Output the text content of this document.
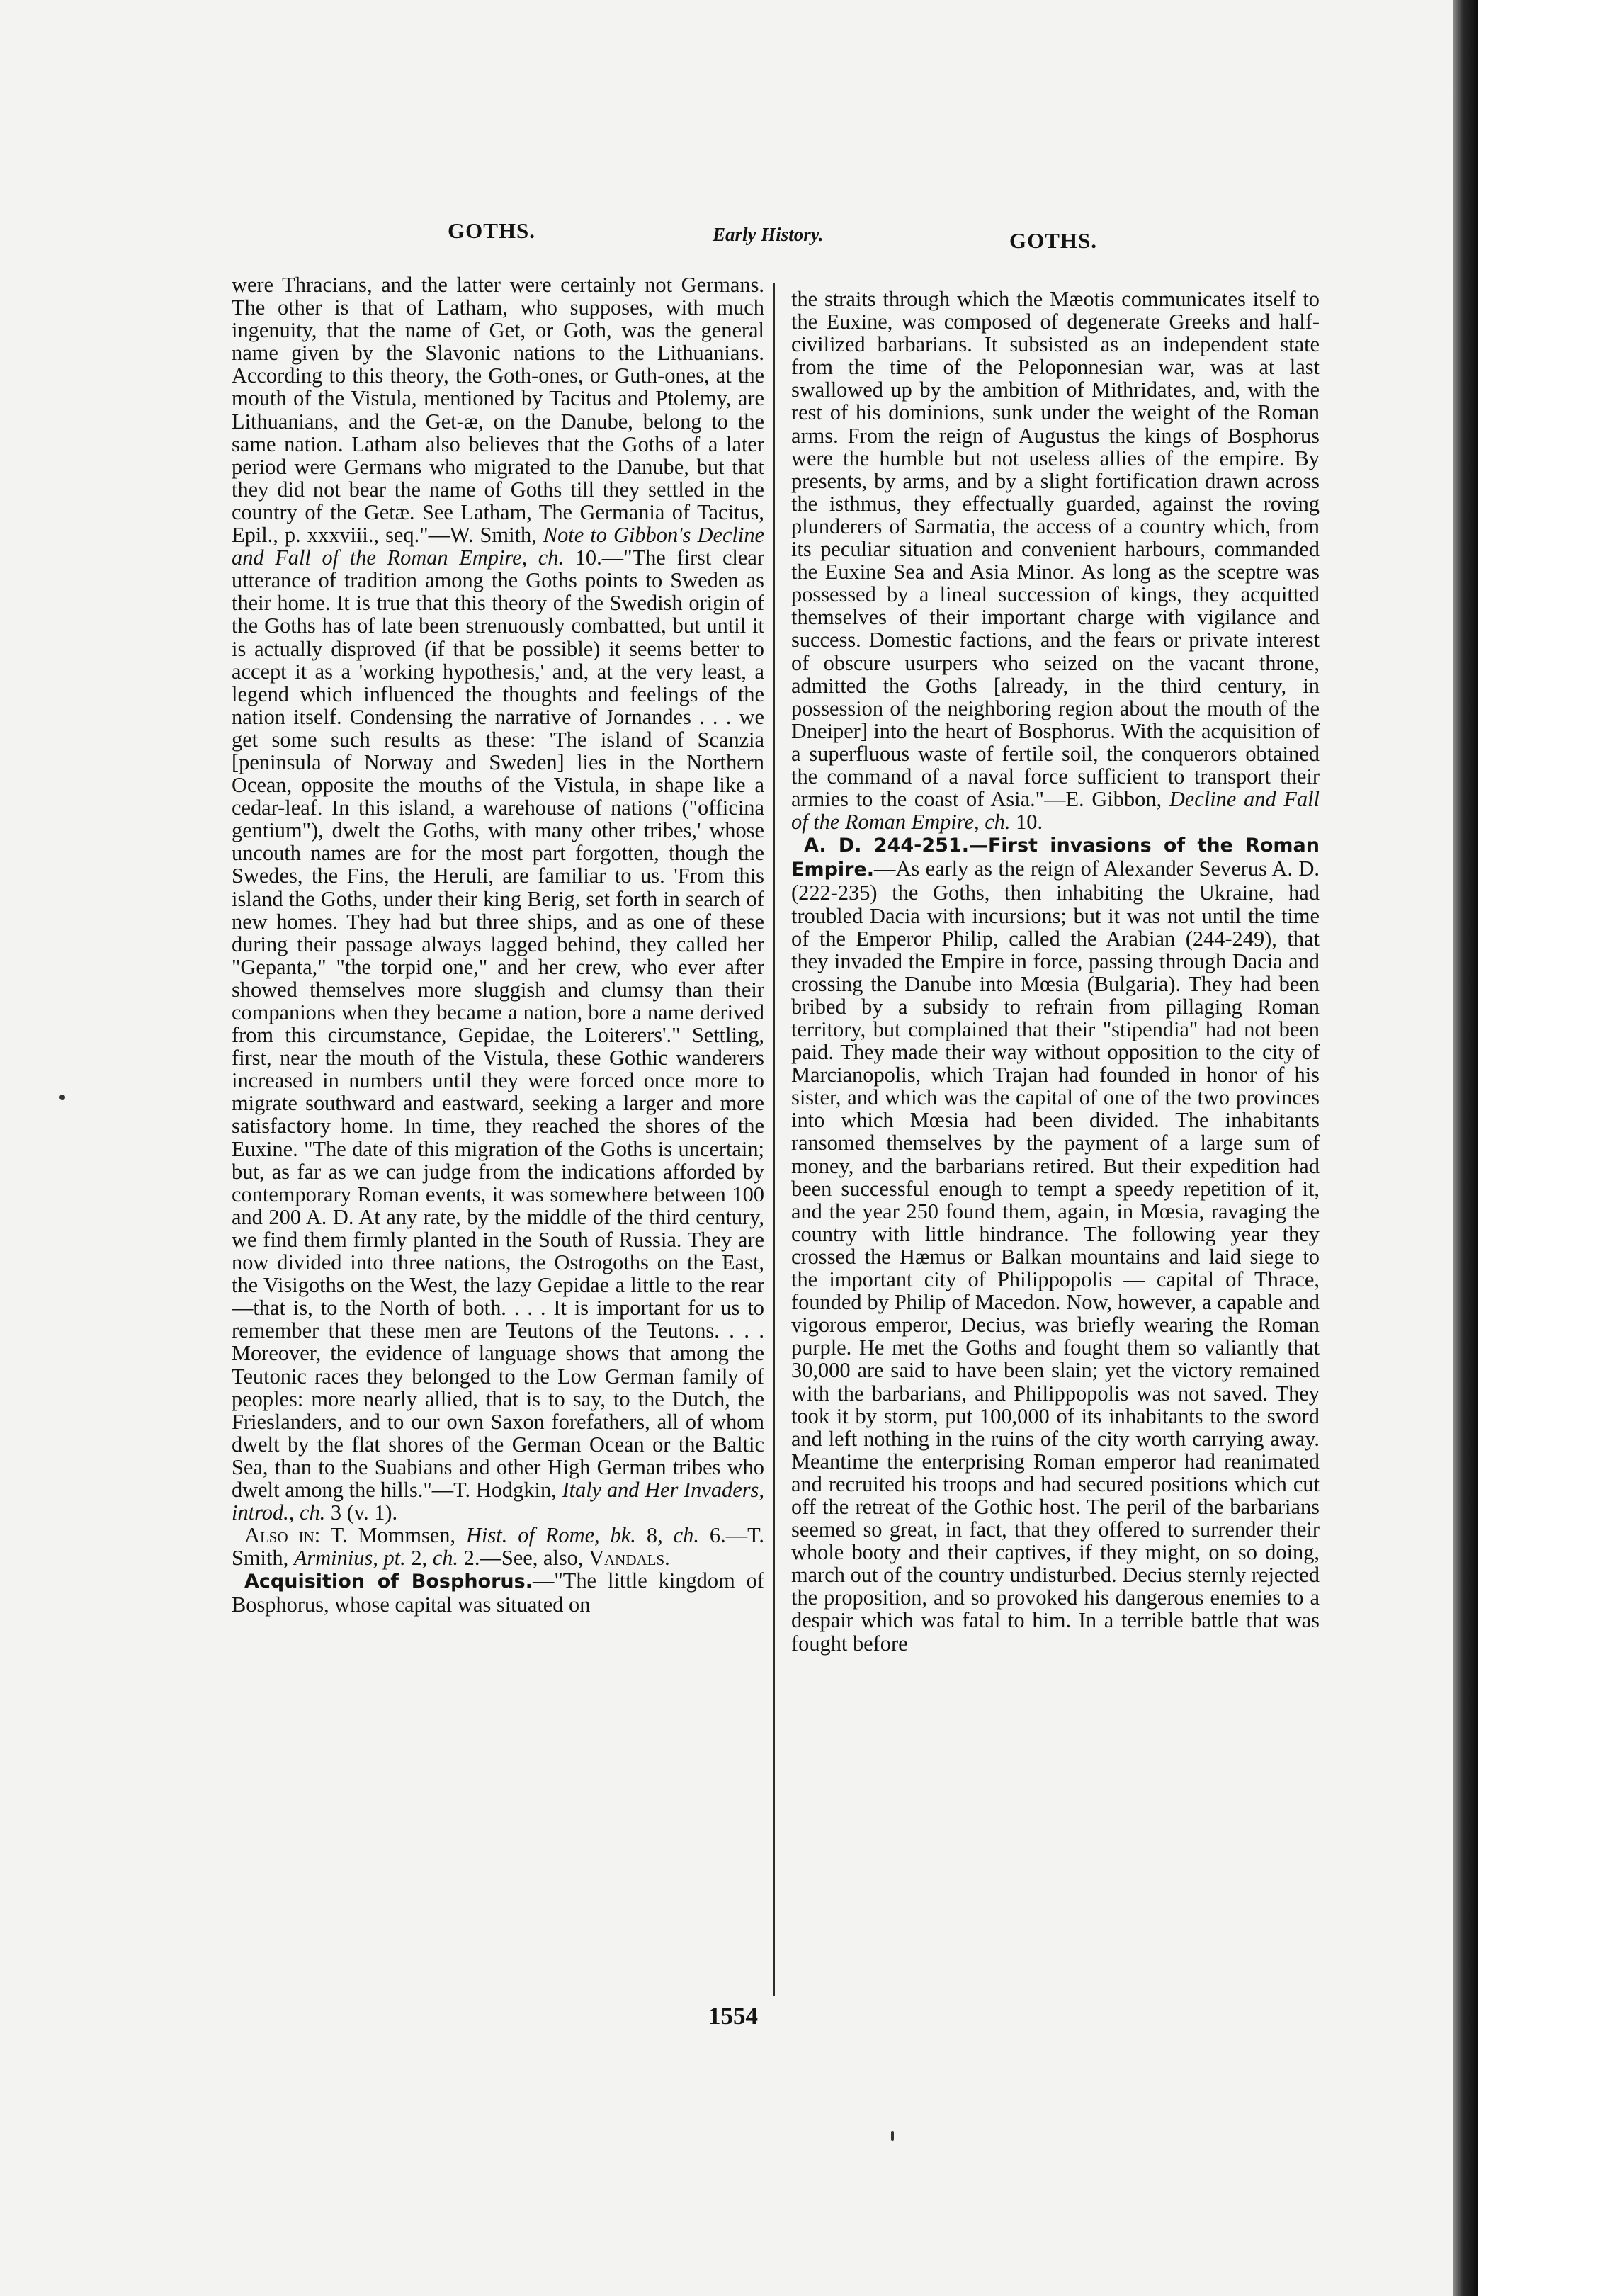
GOTHS.	Early History.	GOTHS.

were Thracians, and the latter were certainly not Germans. The other is that of Latham, who supposes, with much ingenuity, that the name of Get, or Goth, was the general name given by the Slavonic nations to the Lithuanians. According to this theory, the Goth-ones, or Guth-ones, at the mouth of the Vistula, mentioned by Tacitus and Ptolemy, are Lithuanians, and the Get-æ, on the Danube, belong to the same nation. Latham also believes that the Goths of a later period were Germans who migrated to the Danube, but that they did not bear the name of Goths till they settled in the country of the Getæ. See Latham, The Germania of Tacitus, Epil., p. xxxviii., seq."—W. Smith, Note to Gibbon's Decline and Fall of the Roman Empire, ch. 10.—"The first clear utterance of tradition among the Goths points to Sweden as their home. It is true that this theory of the Swedish origin of the Goths has of late been strenuously combatted, but until it is actually disproved (if that be possible) it seems better to accept it as a 'working hypothesis,' and, at the very least, a legend which influenced the thoughts and feelings of the nation itself. Condensing the narrative of Jornandes . . . we get some such results as these: 'The island of Scanzia [peninsula of Norway and Sweden] lies in the Northern Ocean, opposite the mouths of the Vistula, in shape like a cedar-leaf. In this island, a warehouse of nations ("officina gentium"), dwelt the Goths, with many other tribes,' whose uncouth names are for the most part forgotten, though the Swedes, the Fins, the Heruli, are familiar to us. 'From this island the Goths, under their king Berig, set forth in search of new homes. They had but three ships, and as one of these during their passage always lagged behind, they called her "Gepanta," "the torpid one," and her crew, who ever after showed themselves more sluggish and clumsy than their companions when they became a nation, bore a name derived from this circumstance, Gepidae, the Loiterers'." Settling, first, near the mouth of the Vistula, these Gothic wanderers increased in numbers until they were forced once more to migrate southward and eastward, seeking a larger and more satisfactory home. In time, they reached the shores of the Euxine. "The date of this migration of the Goths is uncertain; but, as far as we can judge from the indications afforded by contemporary Roman events, it was somewhere between 100 and 200 A. D. At any rate, by the middle of the third century, we find them firmly planted in the South of Russia. They are now divided into three nations, the Ostrogoths on the East, the Visigoths on the West, the lazy Gepidae a little to the rear—that is, to the North of both. . . . It is important for us to remember that these men are Teutons of the Teutons. . . . Moreover, the evidence of language shows that among the Teutonic races they belonged to the Low German family of peoples: more nearly allied, that is to say, to the Dutch, the Frieslanders, and to our own Saxon forefathers, all of whom dwelt by the flat shores of the German Ocean or the Baltic Sea, than to the Suabians and other High German tribes who dwelt among the hills."—T. Hodgkin, Italy and Her Invaders, introd., ch. 3 (v. 1).

Also in: T. Mommsen, Hist. of Rome, bk. 8, ch. 6.—T. Smith, Arminius, pt. 2, ch. 2.—See, also, Vandals.

Acquisition of Bosphorus.—"The little kingdom of Bosphorus, whose capital was situated on

the straits through which the Mæotis communicates itself to the Euxine, was composed of degenerate Greeks and half-civilized barbarians. It subsisted as an independent state from the time of the Peloponnesian war, was at last swallowed up by the ambition of Mithridates, and, with the rest of his dominions, sunk under the weight of the Roman arms. From the reign of Augustus the kings of Bosphorus were the humble but not useless allies of the empire. By presents, by arms, and by a slight fortification drawn across the isthmus, they effectually guarded, against the roving plunderers of Sarmatia, the access of a country which, from its peculiar situation and convenient harbours, commanded the Euxine Sea and Asia Minor. As long as the sceptre was possessed by a lineal succession of kings, they acquitted themselves of their important charge with vigilance and success. Domestic factions, and the fears or private interest of obscure usurpers who seized on the vacant throne, admitted the Goths [already, in the third century, in possession of the neighboring region about the mouth of the Dneiper] into the heart of Bosphorus. With the acquisition of a superfluous waste of fertile soil, the conquerors obtained the command of a naval force sufficient to transport their armies to the coast of Asia."—E. Gibbon, Decline and Fall of the Roman Empire, ch. 10.

A. D. 244-251.—First invasions of the Roman Empire.—As early as the reign of Alexander Severus A. D. (222-235) the Goths, then inhabiting the Ukraine, had troubled Dacia with incursions; but it was not until the time of the Emperor Philip, called the Arabian (244-249), that they invaded the Empire in force, passing through Dacia and crossing the Danube into Mœsia (Bulgaria). They had been bribed by a subsidy to refrain from pillaging Roman territory, but complained that their "stipendia" had not been paid. They made their way without opposition to the city of Marcianopolis, which Trajan had founded in honor of his sister, and which was the capital of one of the two provinces into which Mœsia had been divided. The inhabitants ransomed themselves by the payment of a large sum of money, and the barbarians retired. But their expedition had been successful enough to tempt a speedy repetition of it, and the year 250 found them, again, in Mœsia, ravaging the country with little hindrance. The following year they crossed the Hæmus or Balkan mountains and laid siege to the important city of Philippopolis — capital of Thrace, founded by Philip of Macedon. Now, however, a capable and vigorous emperor, Decius, was briefly wearing the Roman purple. He met the Goths and fought them so valiantly that 30,000 are said to have been slain; yet the victory remained with the barbarians, and Philippopolis was not saved. They took it by storm, put 100,000 of its inhabitants to the sword and left nothing in the ruins of the city worth carrying away. Meantime the enterprising Roman emperor had reanimated and recruited his troops and had secured positions which cut off the retreat of the Gothic host. The peril of the barbarians seemed so great, in fact, that they offered to surrender their whole booty and their captives, if they might, on so doing, march out of the country undisturbed. Decius sternly rejected the proposition, and so provoked his dangerous enemies to a despair which was fatal to him. In a terrible battle that was fought before

1554
